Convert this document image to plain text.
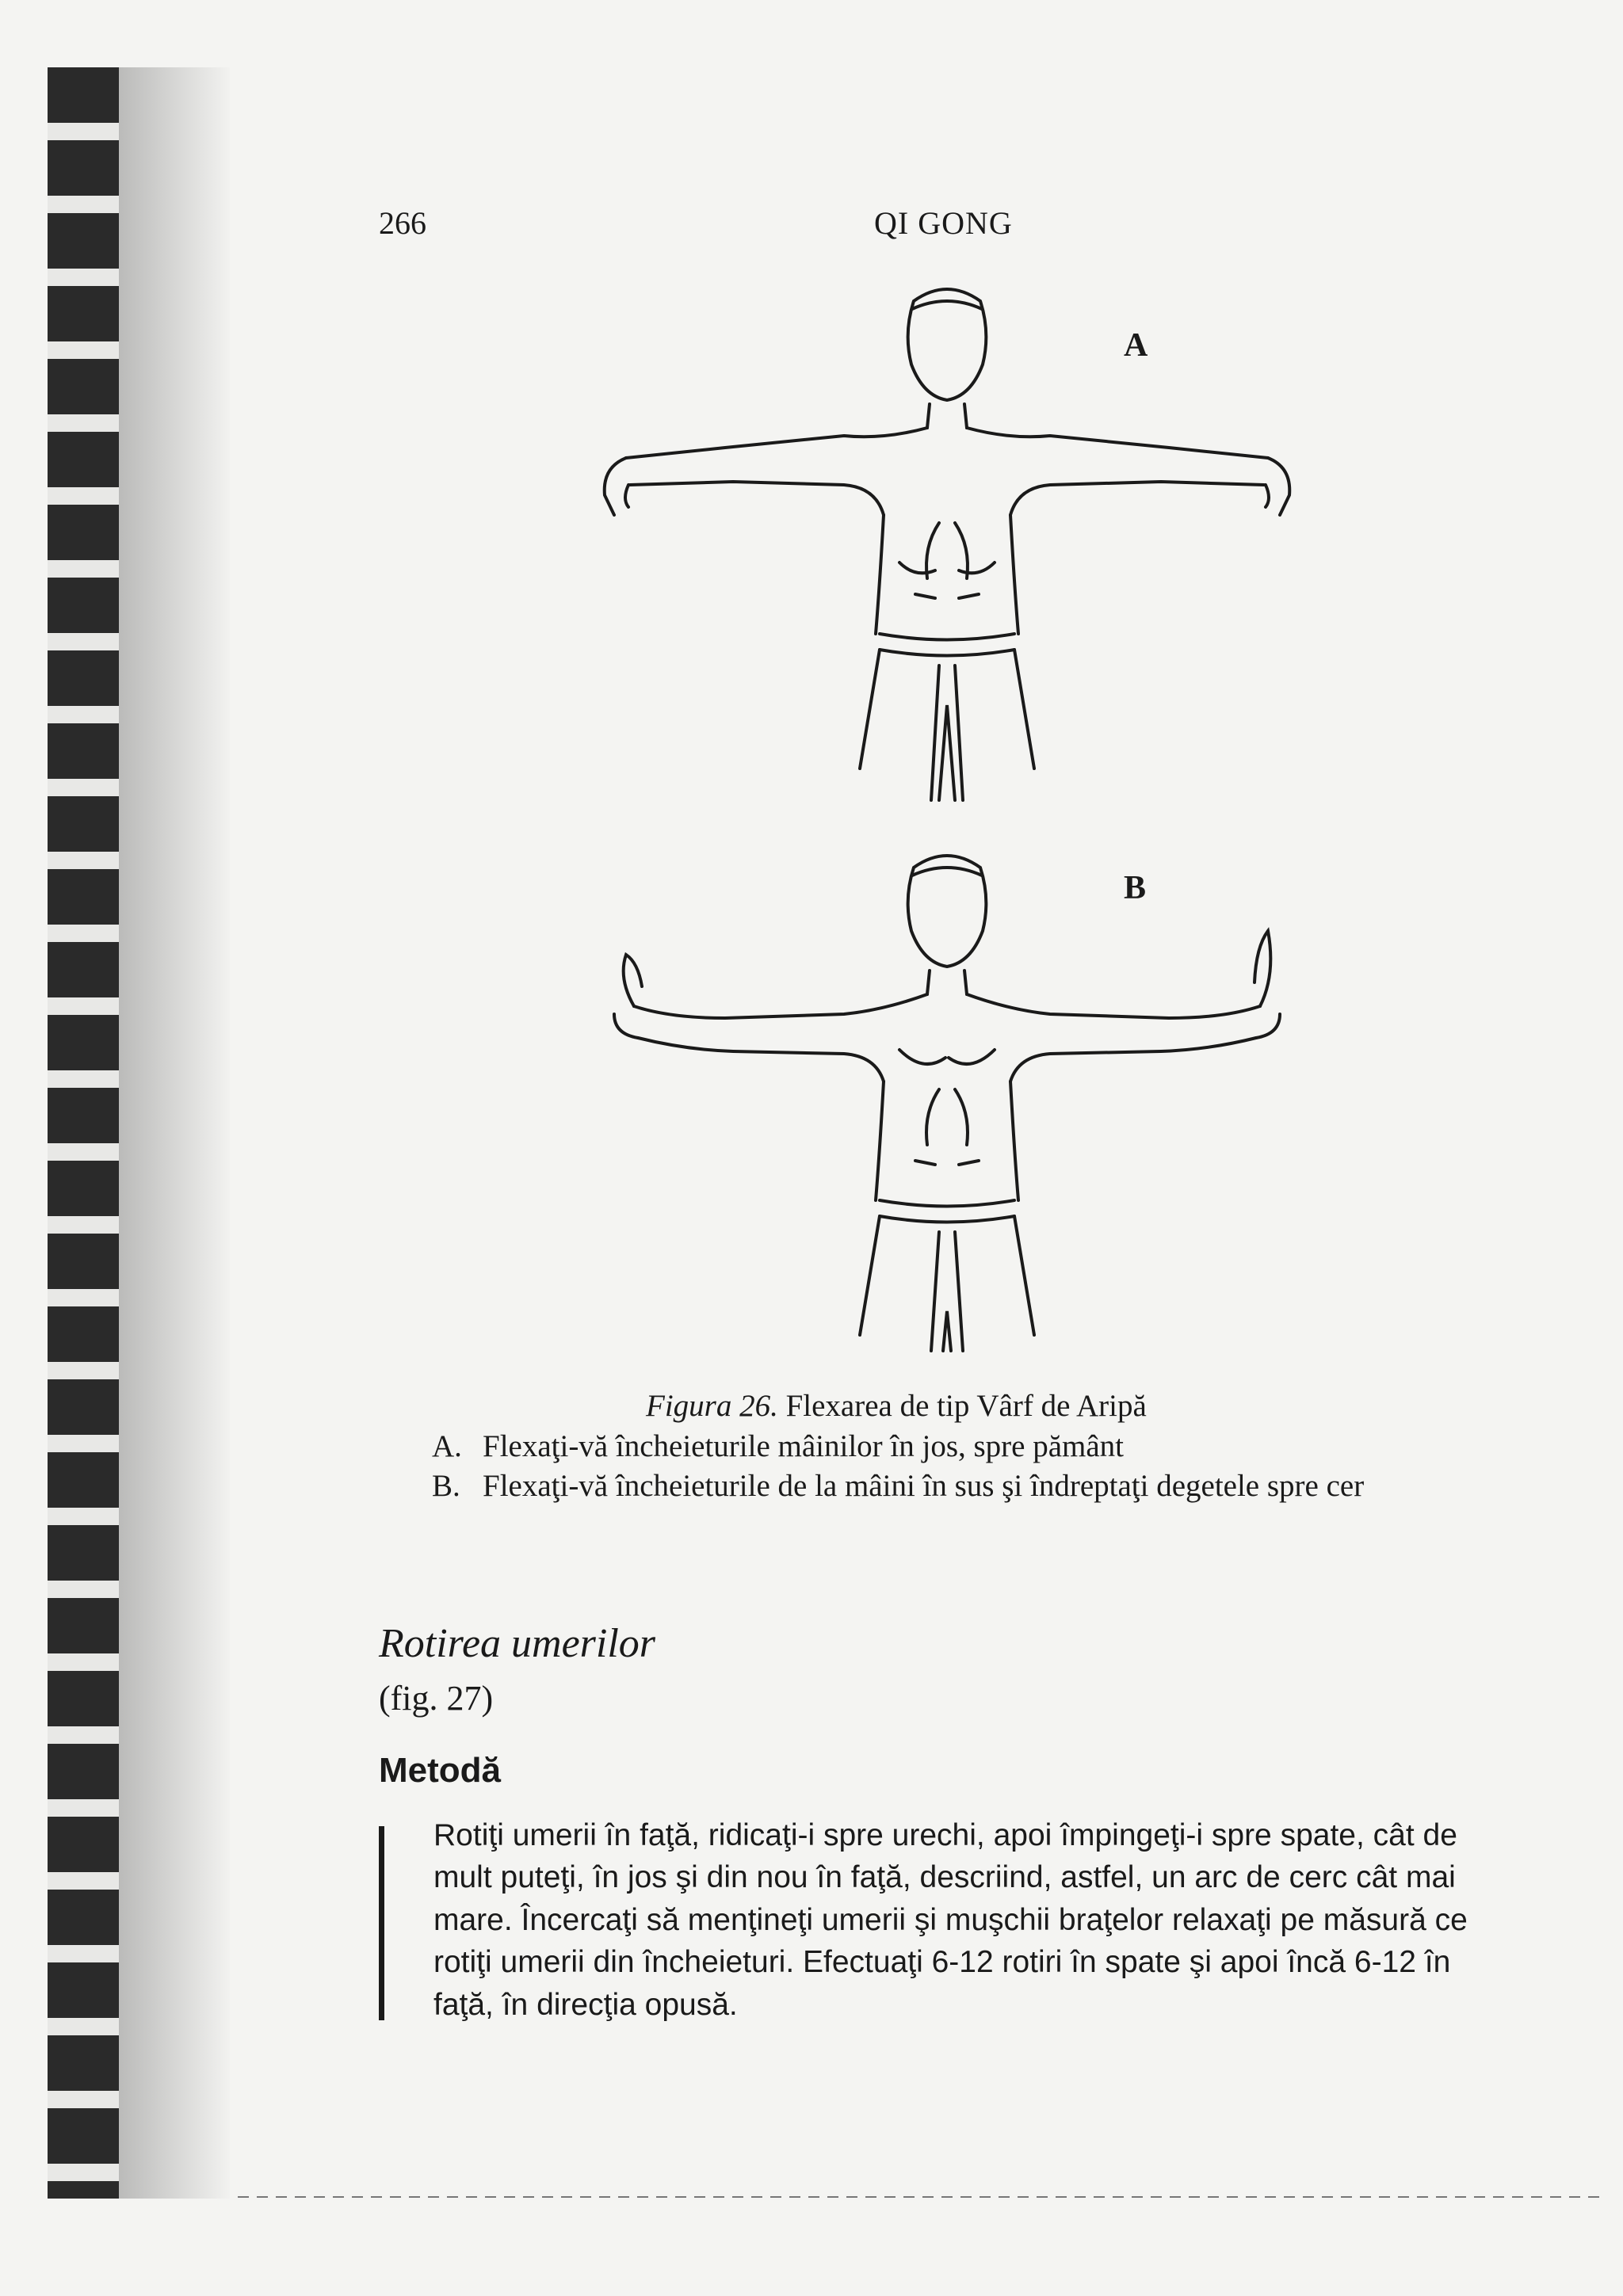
266	QI GONG
A
B
Figura 26. Flexarea de tip Vârf de Aripă
A. Flexaţi-vă încheieturile mâinilor în jos, spre pământ
B. Flexaţi-vă încheieturile de la mâini în sus şi îndreptaţi degetele spre cer
Rotirea umerilor
(fig. 27)
Metodă
Rotiţi umerii în faţă, ridicaţi-i spre urechi, apoi împingeţi-i spre spate, cât de mult puteţi, în jos şi din nou în faţă, descriind, astfel, un arc de cerc cât mai mare. Încercaţi să menţineţi umerii şi muşchii braţelor relaxaţi pe măsură ce rotiţi umerii din încheieturi. Efectuaţi 6-12 rotiri în spate şi apoi încă 6-12 în faţă, în direcţia opusă.
